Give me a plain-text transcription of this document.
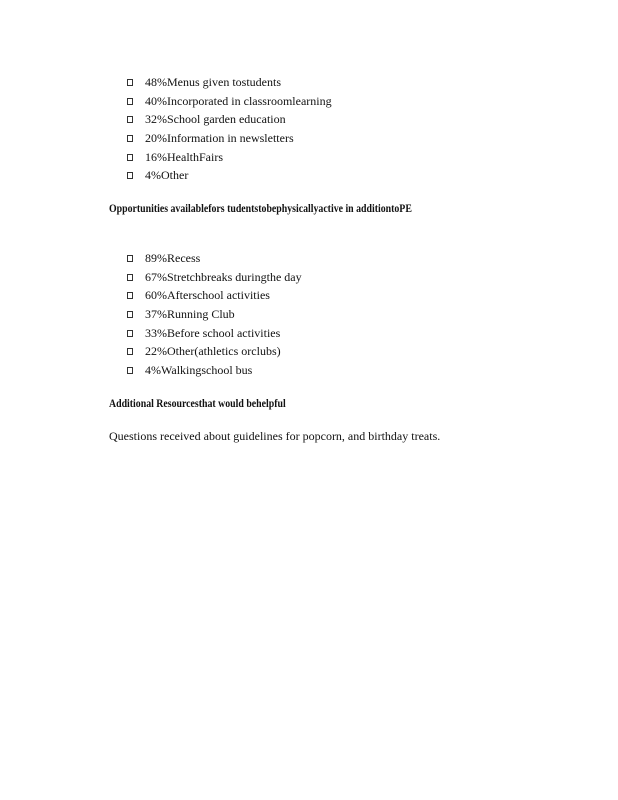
48%Menus given tostudents
40%Incorporated in classroomlearning
32%School garden education
20%Information in newsletters
16%HealthFairs
4%Other
Opportunities availablefors tudentstobephysicallyactive in additiontoPE
89%Recess
67%Stretchbreaks duringthe day
60%Afterschool activities
37%Running Club
33%Before school activities
22%Other(athletics orclubs)
4%Walkingschool bus
Additional Resourcesthat would behelpful
Questions received about guidelines for popcorn, and birthday treats.
